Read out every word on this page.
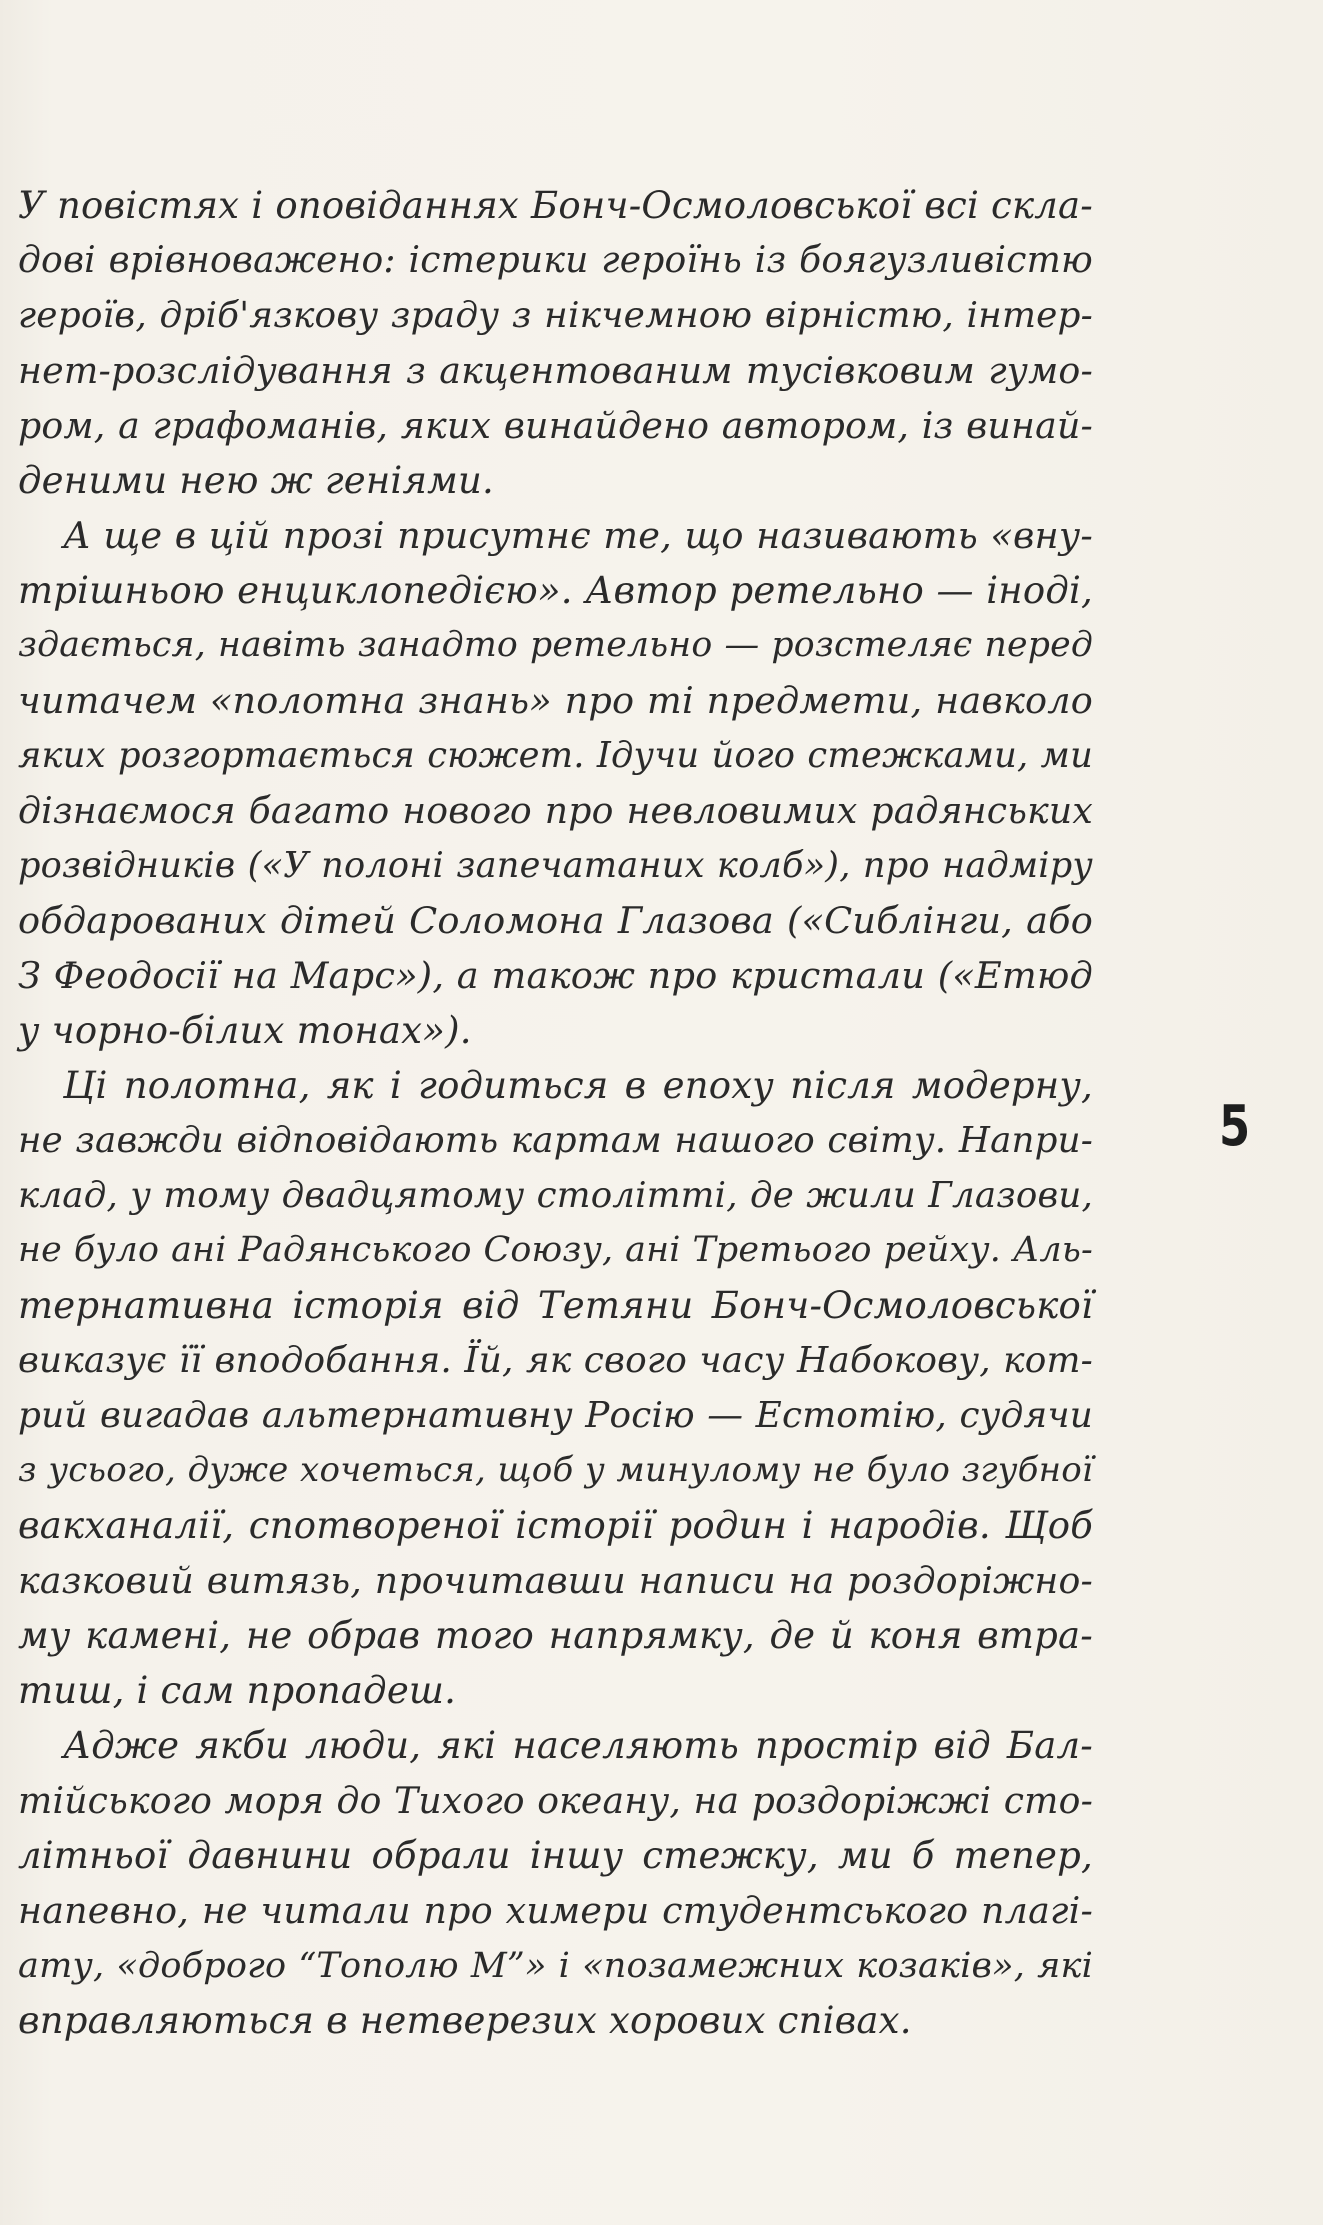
У повістях і оповіданнях Бонч-Осмоловської всі скла-
дові врівноважено: істерики героїнь із боягузливістю
героїв, дріб'язкову зраду з нікчемною вірністю, інтер-
нет-розслідування з акцентованим тусівковим гумо-
ром, а графоманів, яких винайдено автором, із винай-
деними нею ж геніями.
А ще в цій прозі присутнє те, що називають «вну-
трішньою енциклопедією». Автор ретельно — іноді,
здається, навіть занадто ретельно — розстеляє перед
читачем «полотна знань» про ті предмети, навколо
яких розгортається сюжет. Ідучи його стежками, ми
дізнаємося багато нового про невловимих радянських
розвідників («У полоні запечатаних колб»), про надміру
обдарованих дітей Соломона Глазова («Сиблінги, або
З Феодосії на Марс»), а також про кристали («Етюд
у чорно-білих тонах»).
Ці полотна, як і годиться в епоху після модерну,
не завжди відповідають картам нашого світу. Напри-
клад, у тому двадцятому столітті, де жили Глазови,
не було ані Радянського Союзу, ані Третього рейху. Аль-
тернативна історія від Тетяни Бонч-Осмоловської
виказує її вподобання. Їй, як свого часу Набокову, кот-
рий вигадав альтернативну Росію — Естотію, судячи
з усього, дуже хочеться, щоб у минулому не було згубної
вакханалії, спотвореної історії родин і народів. Щоб
казковий витязь, прочитавши написи на роздоріжно-
му камені, не обрав того напрямку, де й коня втра-
тиш, і сам пропадеш.
Адже якби люди, які населяють простір від Бал-
тійського моря до Тихого океану, на роздоріжжі сто-
літньої давнини обрали іншу стежку, ми б тепер,
напевно, не читали про химери студентського плагі-
ату, «доброго “Тополю М”» і «позамежних козаків», які
вправляються в нетверезих хорових співах.
5
